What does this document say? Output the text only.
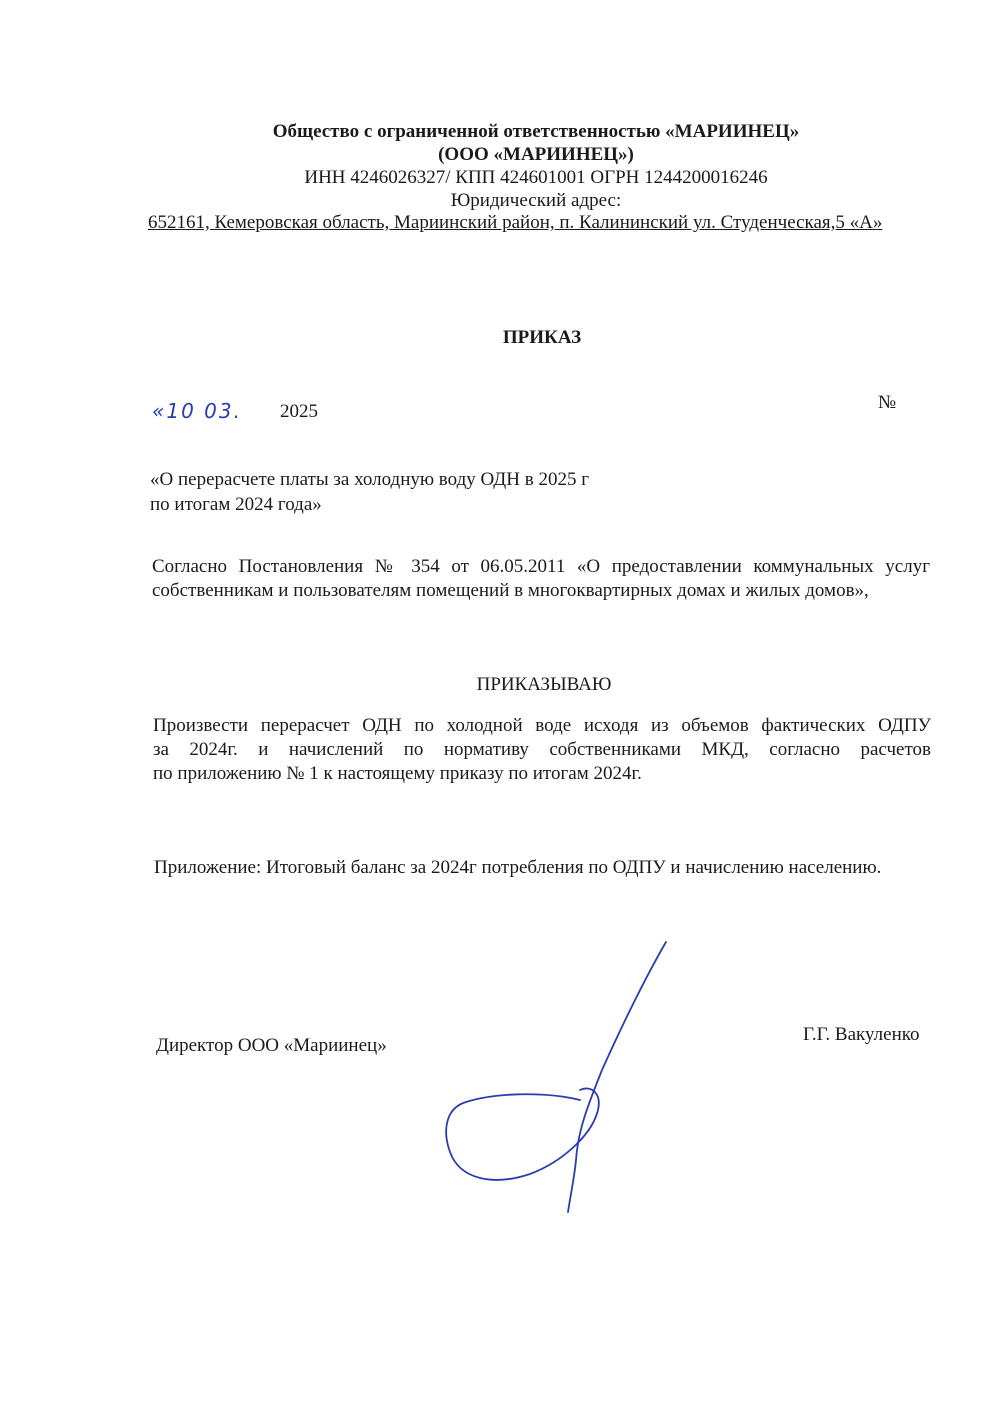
Общество с ограниченной ответственностью «МАРИИНЕЦ»
(ООО «МАРИИНЕЦ»)
ИНН 4246026327/ КПП 424601001 ОГРН 1244200016246
Юридический адрес:
652161, Кемеровская область, Мариинский район, п. Калининский ул. Студенческая,5 «А»
ПРИКАЗ
«10 03. 2025	№
«О перерасчете платы за холодную воду ОДН в 2025 г
по итогам 2024 года»
Согласно Постановления № 354 от 06.05.2011 «О предоставлении коммунальных услуг
собственникам и пользователям помещений в многоквартирных домах и жилых домов»,
ПРИКАЗЫВАЮ
Произвести перерасчет ОДН по холодной воде исходя из объемов фактических ОДПУ
за 2024г. и начислений по нормативу собственниками МКД, согласно расчетов
по приложению № 1 к настоящему приказу по итогам 2024г.
Приложение: Итоговый баланс за 2024г потребления по ОДПУ и начислению населению.
Директор ООО «Мариинец»
Г.Г. Вакуленко
